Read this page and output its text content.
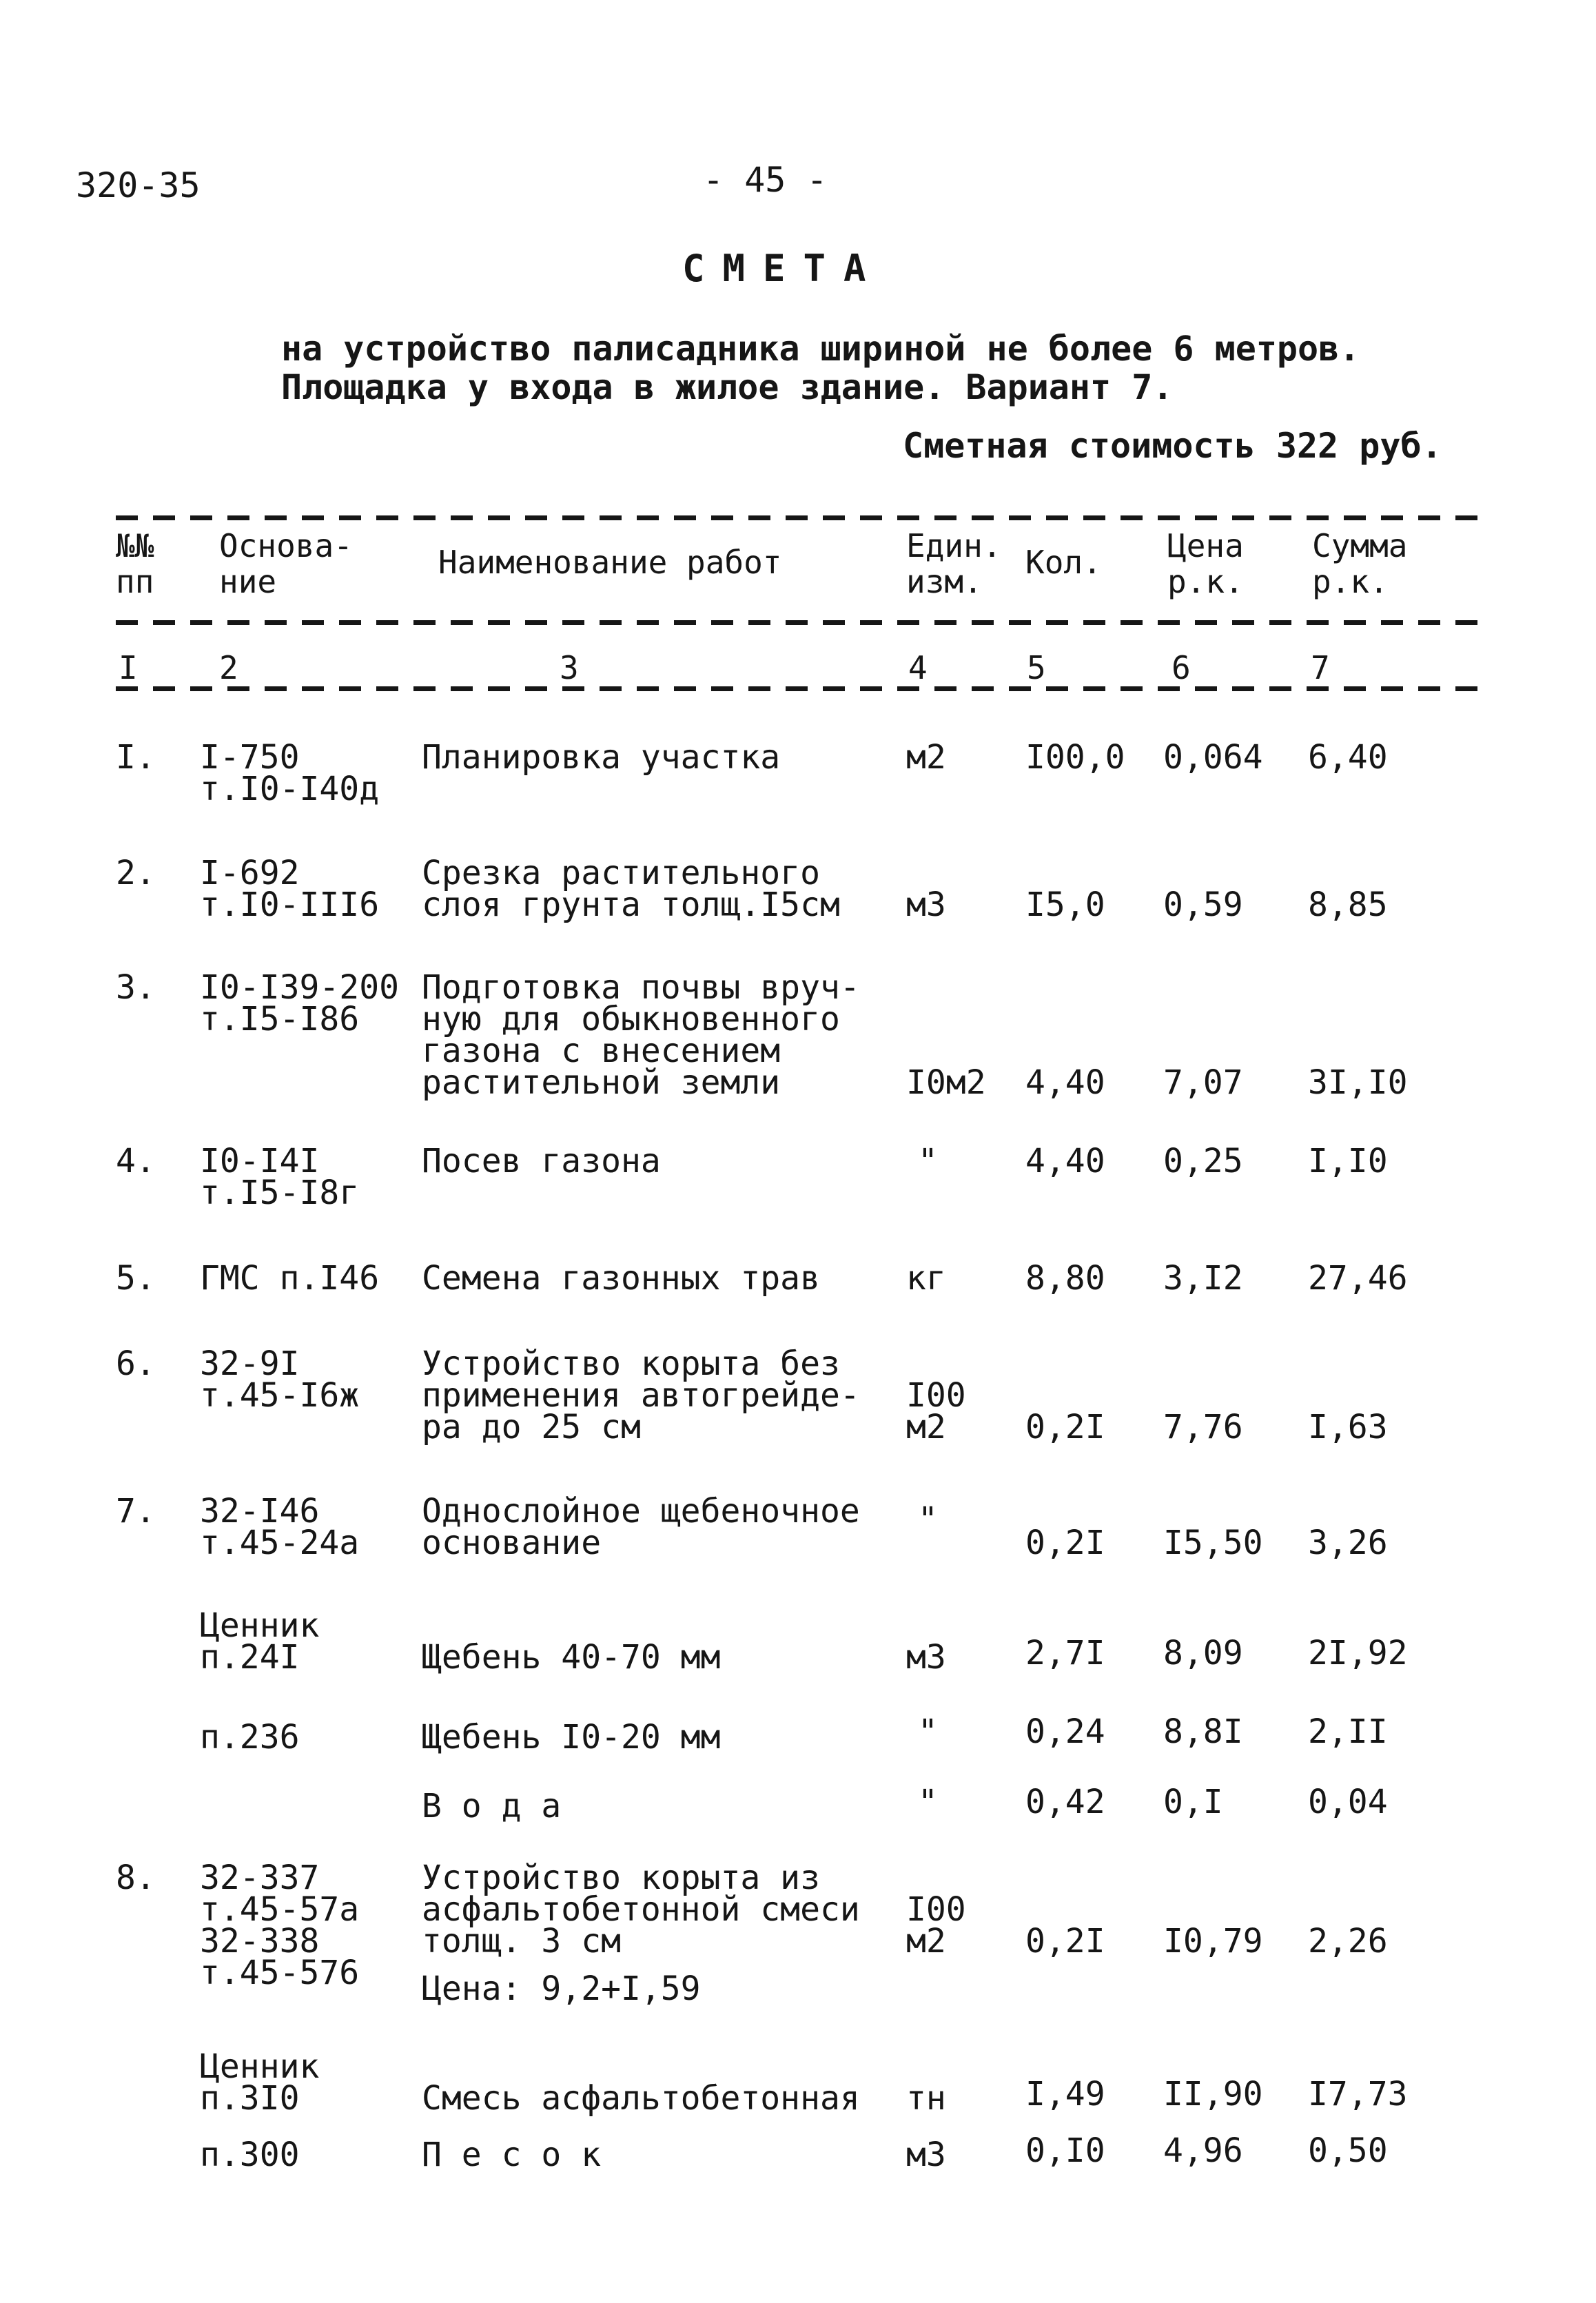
320-35	- 45 -
СМЕТА
на устройство палисадника шириной не более 6 метров.
Площадка у входа в жилое здание. Вариант 7.
Сметная стоимость 322 руб.
№№
пп
Основа-
ние
Наименование работ	Един.
изм.
Кол. Цена
р.к.
Сумма
р.к.
I	2	3	4	5	6	7
I. I-750
т.I0-I40д
Планировка участка	м2 I00,0 0,064 6,40
2. I-692
т.I0-III6
Срезка растительного
слоя грунта толщ.I5см м3 I5,0 0,59 8,85
3. I0-I39-200
т.I5-I86
Подготовка почвы вруч-
ную для обыкновенного
газона с внесением
растительной земли	I0м2 4,40 7,07 3I,I0
4. I0-I4I
т.I5-I8г
Посев газона	"	4,40 0,25 I,I0
5. ГМС п.I46 Семена газонных трав	кг 8,80 3,I2 27,46
6. 32-9I
т.45-I6ж
Устройство корыта без
применения автогрейде-
ра до 25 см
I00
м2	0,2I 7,76 I,63
7. 32-I46
т.45-24а
Однослойное щебеночное
основание
"
0,2I I5,50 3,26
Ценник
п.24I	Щебень 40-70 мм	м3 2,7I 8,09 2I,92
п.236	Щебень I0-20 мм	"	0,24 8,8I 2,II
В о д а	"	0,42 0,I	0,04
8. 32-337
т.45-57а
32-338
т.45-576
Устройство корыта из
асфальтобетонной смеси
толщ. 3 см
I00
м2	0,2I I0,79 2,26
Ценник
п.3I0	Смесь асфальтобетонная тн I,49 II,90 I7,73
п.300	П е с о к	м3 0,I0 4,96 0,50
Цена: 9,2+I,59
